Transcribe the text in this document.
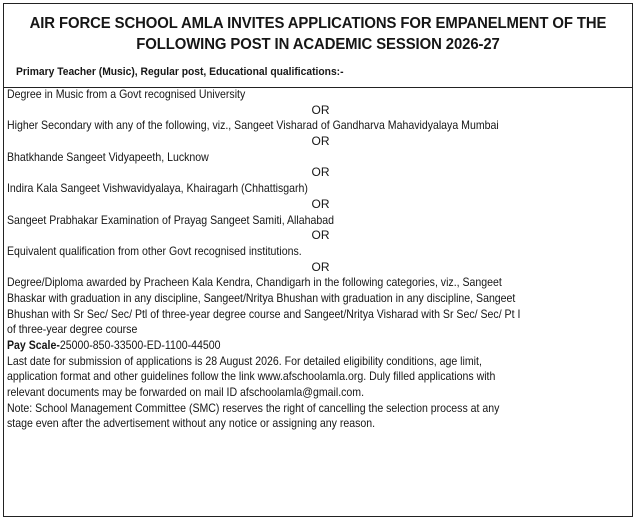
AIR FORCE SCHOOL AMLA INVITES APPLICATIONS FOR EMPANELMENT OF THE
FOLLOWING POST IN ACADEMIC SESSION 2026-27
Primary Teacher (Music), Regular post, Educational qualifications:-
Degree in Music from a Govt recognised University
OR
Higher Secondary with any of the following, viz., Sangeet Visharad of Gandharva Mahavidyalaya Mumbai
OR
Bhatkhande Sangeet Vidyapeeth, Lucknow
OR
Indira Kala Sangeet Vishwavidyalaya, Khairagarh (Chhattisgarh)
OR
Sangeet Prabhakar Examination of Prayag Sangeet Samiti, Allahabad
OR
Equivalent qualification from other Govt recognised institutions.
OR
Degree/Diploma awarded by Pracheen Kala Kendra, Chandigarh in the following categories, viz., Sangeet
Bhaskar with graduation in any discipline, Sangeet/Nritya Bhushan with graduation in any discipline, Sangeet
Bhushan with Sr Sec/ Sec/ Ptl of three-year degree course and Sangeet/Nritya Visharad with Sr Sec/ Sec/ Pt I
of three-year degree course
Pay Scale-25000-850-33500-ED-1100-44500
Last date for submission of applications is 28 August 2026. For detailed eligibility conditions, age limit,
application format and other guidelines follow the link www.afschoolamla.org. Duly filled applications with
relevant documents may be forwarded on mail ID afschoolamla@gmail.com.
Note: School Management Committee (SMC) reserves the right of cancelling the selection process at any
stage even after the advertisement without any notice or assigning any reason.
